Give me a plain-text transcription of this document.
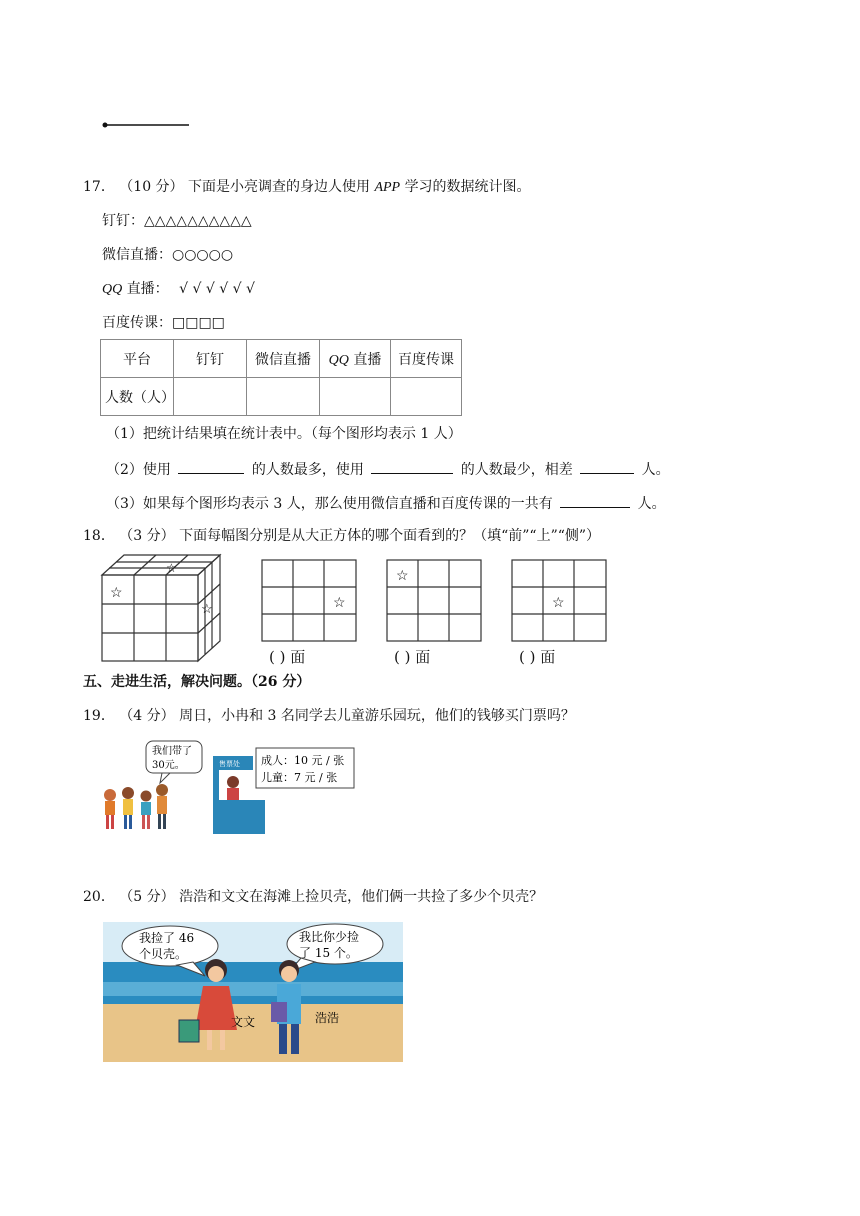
17． （10 分） 下面是小亮调查的身边人使用 APP 学习的数据统计图。
钉钉：△△△△△△△△△△
微信直播：○○○○○
QQ 直播： √ √ √ √ √ √
百度传课：□□□□
平台	钉钉	微信直播	QQ 直播	百度传课
人数（人）				
（1）把统计结果填在统计表中。（每个图形均表示 1 人）
（2）使用	的人数最多，使用	的人数最少，相差	人。
（3）如果每个图形均表示 3 人，那么使用微信直播和百度传课的一共有	人。
18． （3 分） 下面每幅图分别是从大正方体的哪个面看到的？（填“前”“上”“侧”）
☆
☆
☆	☆
( ) 面
☆
( ) 面
☆
( ) 面
五、走进生活，解决问题。（26 分）
19． （4 分） 周日，小冉和 3 名同学去儿童游乐园玩，他们的钱够买门票吗？
我们带了
30元。	售票处 成人：10 元 / 张
儿童：7 元 / 张
20． （5 分） 浩浩和文文在海滩上捡贝壳，他们俩一共捡了多少个贝壳？
我捡了 46
个贝壳。
我比你少捡
了 15 个。
文文	浩浩
